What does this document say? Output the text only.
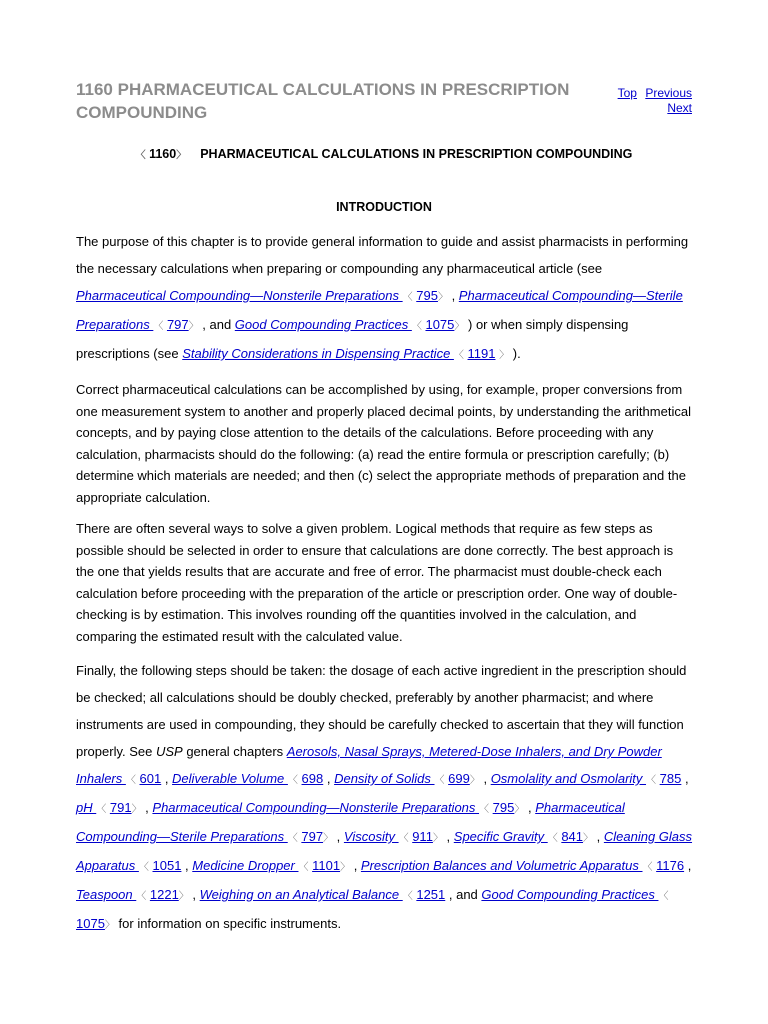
1160 PHARMACEUTICAL CALCULATIONS IN PRESCRIPTION COMPOUNDING
Top Previous
Next
〈 1160〉 PHARMACEUTICAL CALCULATIONS IN PRESCRIPTION COMPOUNDING
INTRODUCTION

The purpose of this chapter is to provide general information to guide and assist pharmacists in performing the necessary calculations when preparing or compounding any pharmaceutical article (see Pharmaceutical Compounding—Nonsterile Preparations 〈 795〉 , Pharmaceutical Compounding—Sterile Preparations 〈 797〉 , and Good Compounding Practices 〈 1075〉 ) or when simply dispensing prescriptions (see Stability Considerations in Dispensing Practice 〈 1191 〉 ).

Correct pharmaceutical calculations can be accomplished by using, for example, proper conversions from one measurement system to another and properly placed decimal points, by understanding the arithmetical concepts, and by paying close attention to the details of the calculations. Before proceeding with any calculation, pharmacists should do the following: (a) read the entire formula or prescription carefully; (b) determine which materials are needed; and then (c) select the appropriate methods of preparation and the appropriate calculation.

There are often several ways to solve a given problem. Logical methods that require as few steps as possible should be selected in order to ensure that calculations are done correctly. The best approach is the one that yields results that are accurate and free of error. The pharmacist must double-check each calculation before proceeding with the preparation of the article or prescription order. One way of double-checking is by estimation. This involves rounding off the quantities involved in the calculation, and comparing the estimated result with the calculated value.

Finally, the following steps should be taken: the dosage of each active ingredient in the prescription should be checked; all calculations should be doubly checked, preferably by another pharmacist; and where instruments are used in compounding, they should be carefully checked to ascertain that they will function properly. See USP general chapters Aerosols, Nasal Sprays, Metered-Dose Inhalers, and Dry Powder Inhalers 〈 601 , Deliverable Volume 〈 698 , Density of Solids 〈 699〉 , Osmolality and Osmolarity 〈 785 , pH 〈 791〉 , Pharmaceutical Compounding—Nonsterile Preparations 〈 795〉 , Pharmaceutical Compounding—Sterile Preparations 〈 797〉 , Viscosity 〈 911〉 , Specific Gravity 〈 841〉 , Cleaning Glass Apparatus 〈 1051 , Medicine Dropper 〈 1101〉 , Prescription Balances and Volumetric Apparatus 〈 1176 , Teaspoon 〈 1221〉 , Weighing on an Analytical Balance 〈 1251 , and Good Compounding Practices 〈 1075〉 for information on specific instruments.
